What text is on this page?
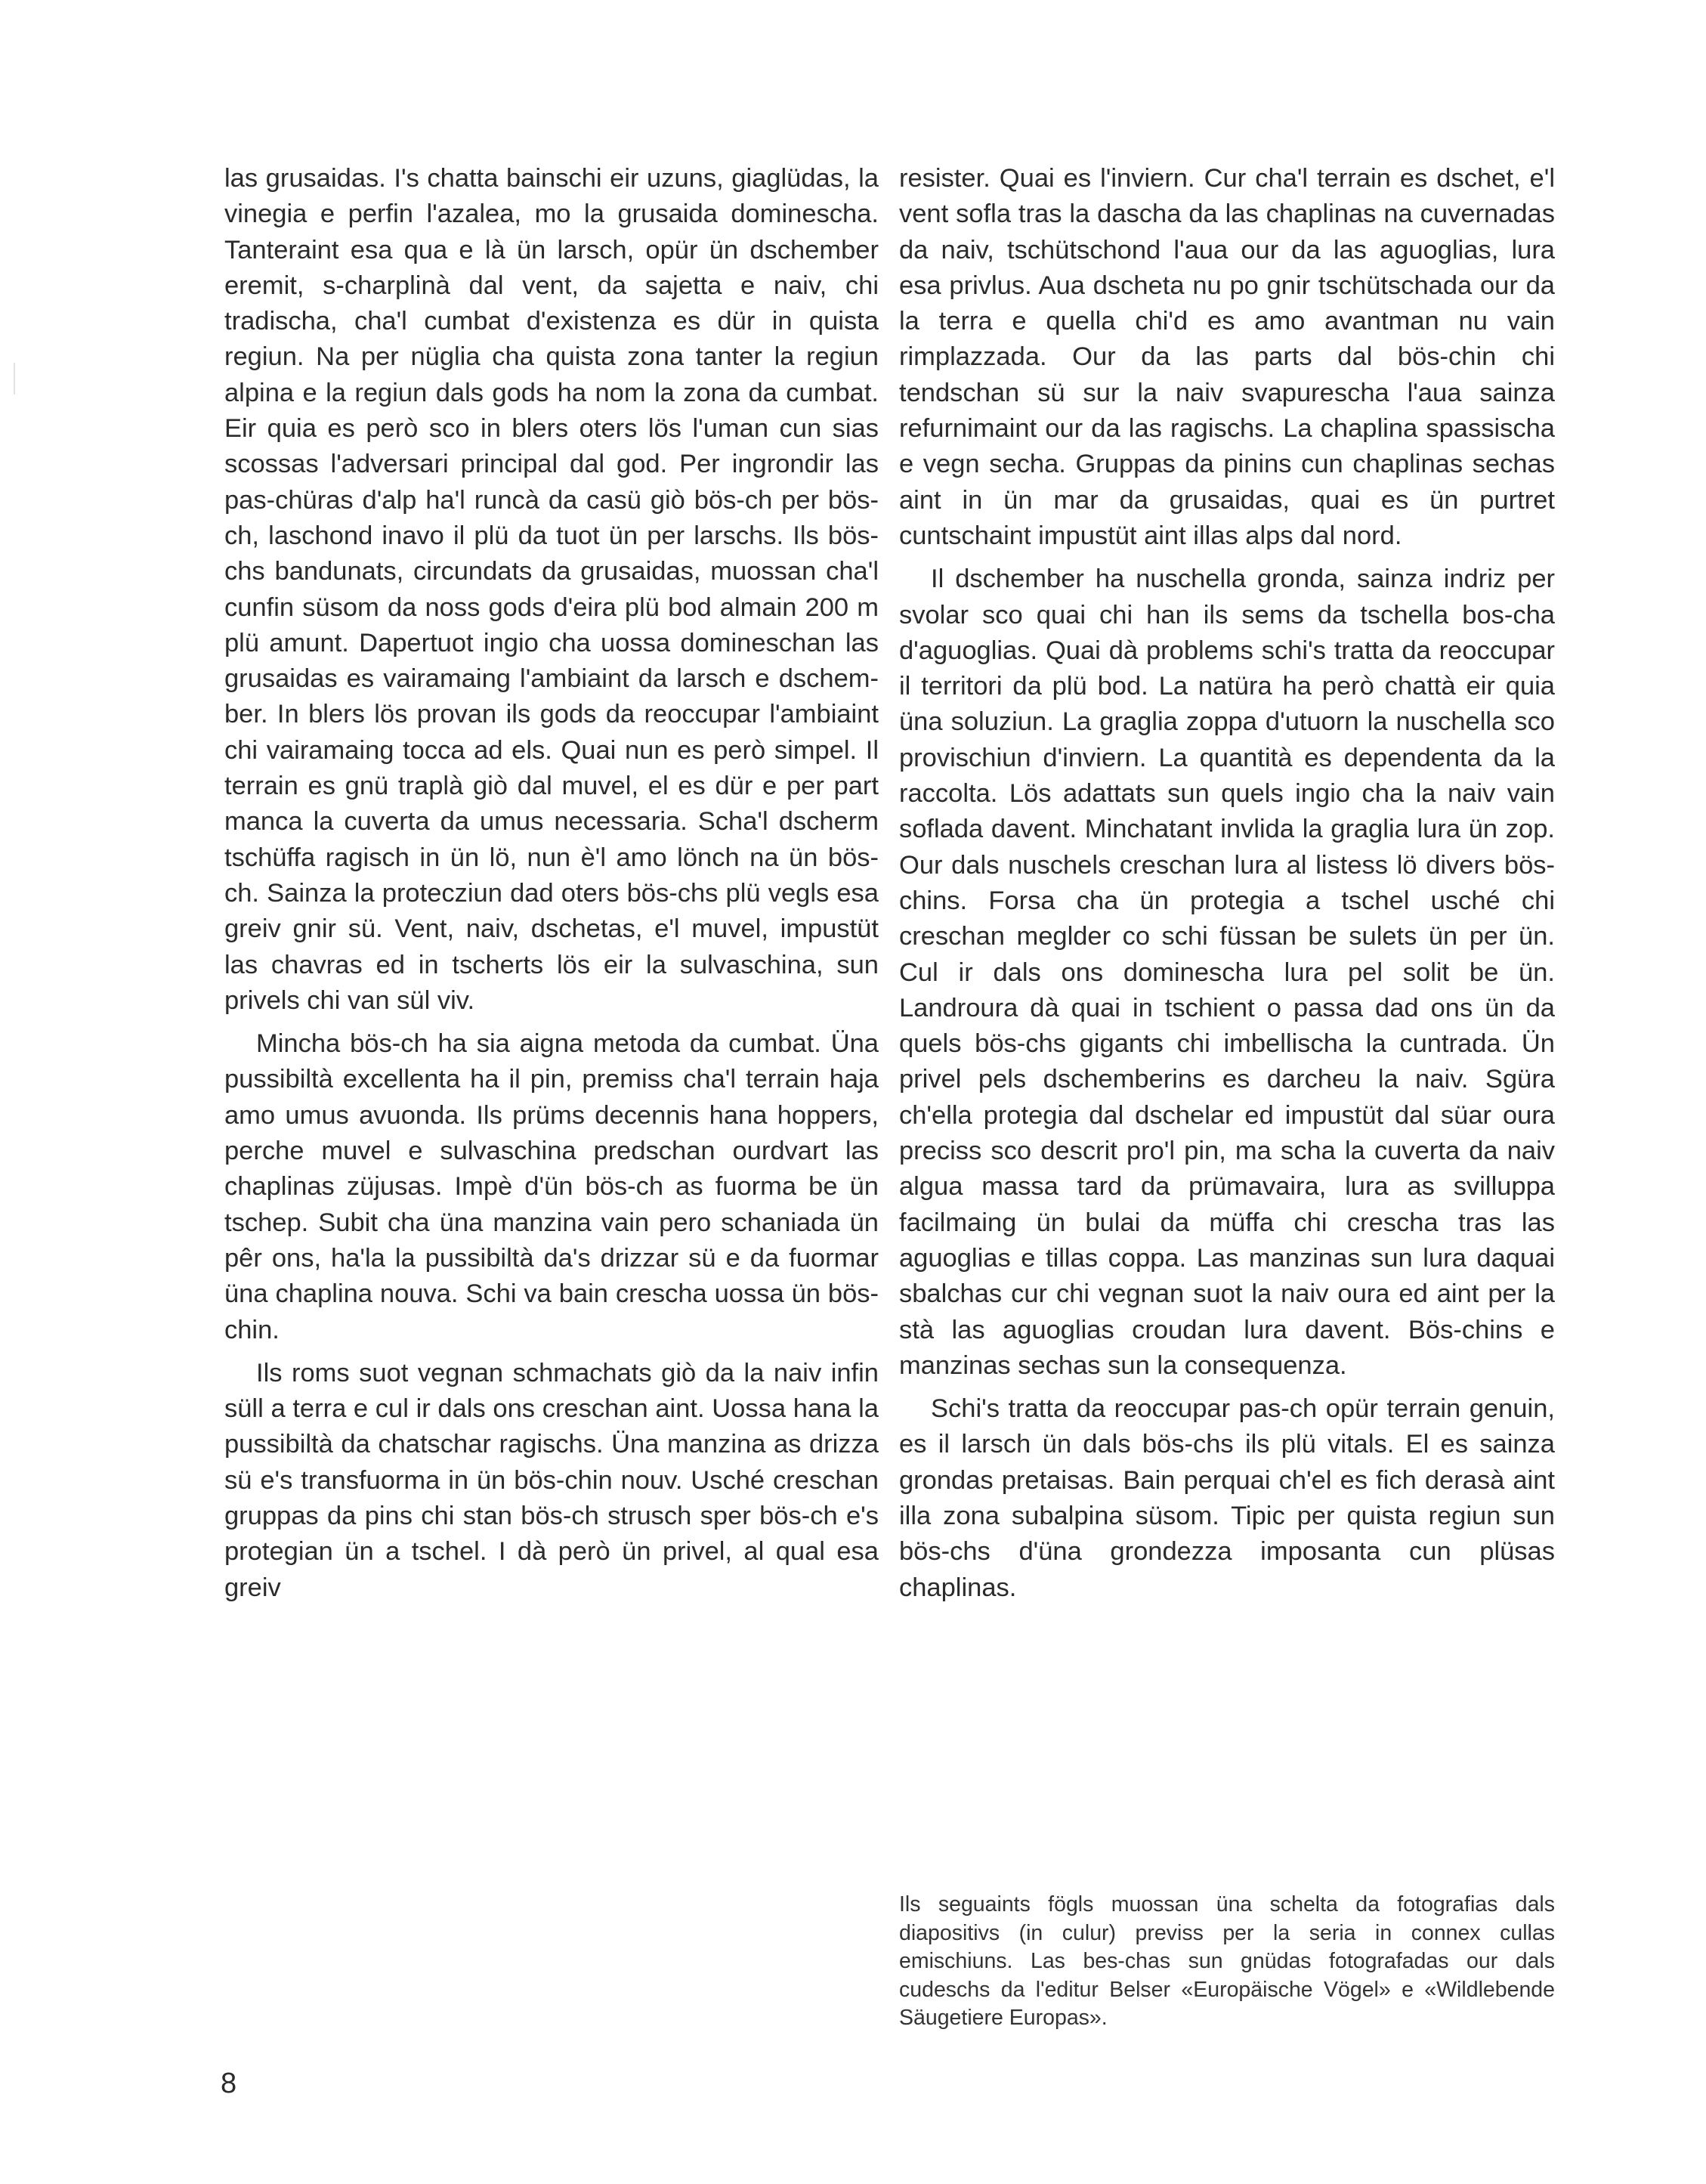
las grusaidas. I's chatta bainschi eir uzuns, giaglüdas, la vinegia e perfin l'azalea, mo la grusaida dominescha. Tanteraint esa qua e là ün larsch, opür ün dschember eremit, s-charplinà dal vent, da sajetta e naiv, chi tradischa, cha'l cumbat d'existenza es dür in quista regiun. Na per nüglia cha quista zona tanter la regiun alpina e la regiun dals gods ha nom la zona da cumbat. Eir quia es però sco in blers oters lös l'uman cun sias scossas l'adversari principal dal god. Per ingrondir las pas-chüras d'alp ha'l runcà da casü giò bös-ch per bös-ch, laschond inavo il plü da tuot ün per larschs. Ils bös-chs bandunats, circundats da grusaidas, muossan cha'l cunfin süsom da noss gods d'eira plü bod almain 200 m plü amunt. Dapertuot ingio cha uossa domineschan las grusaidas es vairamaing l'ambiaint da larsch e dschember. In blers lös provan ils gods da reoccupar l'ambiaint chi vairamaing tocca ad els. Quai nun es però simpel. Il terrain es gnü traplà giò dal muvel, el es dür e per part manca la cuverta da umus necessaria. Scha'l dscherm tschüffa ragisch in ün lö, nun è'l amo lönch na ün bös-ch. Sainza la protecziun dad oters bös-chs plü vegls esa greiv gnir sü. Vent, naiv, dschetas, e'l muvel, impustüt las chavras ed in tscherts lös eir la sulvaschina, sun privels chi van sül viv.

Mincha bös-ch ha sia aigna metoda da cumbat. Üna pussibiltà excellenta ha il pin, premiss cha'l terrain haja amo umus avuonda. Ils prüms decennis hana hoppers, perche muvel e sulvaschina predschan ourdvart las chaplinas züjusas. Impè d'ün bös-ch as fuorma be ün tschep. Subit cha üna manzina vain pero schaniada ün pêr ons, ha'la la pussibiltà da's drizzar sü e da fuormar üna chaplina nouva. Schi va bain crescha uossa ün bös-chin.

Ils roms suot vegnan schmachats giò da la naiv infin süll a terra e cul ir dals ons creschan aint. Uossa hana la pussibiltà da chatschar ragischs. Üna manzina as drizza sü e's transfuorma in ün bös-chin nouv. Usché creschan gruppas da pins chi stan bös-ch strusch sper bös-ch e's protegian ün a tschel. I dà però ün privel, al qual esa greiv

resister. Quai es l'inviern. Cur cha'l terrain es dschet, e'l vent sofla tras la dascha da las chaplinas na cuvernadas da naiv, tschütschond l'aua our da las aguoglias, lura esa privlus. Aua dscheta nu po gnir tschütschada our da la terra e quella chi'd es amo avantman nu vain rimplazzada. Our da las parts dal bös-chin chi tendschan sü sur la naiv svapurescha l'aua sainza refurnimaint our da las ragischs. La chaplina spassischa e vegn secha. Gruppas da pinins cun chaplinas sechas aint in ün mar da grusaidas, quai es ün purtret cuntschaint impustüt aint illas alps dal nord.

Il dschember ha nuschella gronda, sainza indriz per svolar sco quai chi han ils sems da tschella bos-cha d'aguoglias. Quai dà problems schi's tratta da reoccupar il territori da plü bod. La natüra ha però chattà eir quia üna soluziun. La graglia zoppa d'utuorn la nuschella sco provischiun d'inviern. La quantità es dependenta da la raccolta. Lös adattats sun quels ingio cha la naiv vain soflada davent. Minchatant invlida la graglia lura ün zop. Our dals nuschels creschan lura al listess lö divers bös-chins. Forsa cha ün protegia a tschel usché chi creschan meglder co schi füssan be sulets ün per ün. Cul ir dals ons dominescha lura pel solit be ün. Landroura dà quai in tschient o passa dad ons ün da quels bös-chs gigants chi imbellischa la cuntrada. Ün privel pels dschemberins es darcheu la naiv. Sgüra ch'ella protegia dal dschelar ed impustüt dal süar oura preciss sco descrit pro'l pin, ma scha la cuverta da naiv algua massa tard da prümavaira, lura as svilluppa facilmaing ün bulai da müffa chi crescha tras las aguoglias e tillas coppa. Las manzinas sun lura daquai sbalchas cur chi vegnan suot la naiv oura ed aint per la stà las aguoglias croudan lura davent. Bös-chins e manzinas sechas sun la consequenza.

Schi's tratta da reoccupar pas-ch opür terrain genuin, es il larsch ün dals bös-chs ils plü vitals. El es sainza grondas pretaisas. Bain perquai ch'el es fich derasà aint illa zona subalpina süsom. Tipic per quista regiun sun bös-chs d'üna grondezza imposanta cun plüsas chaplinas.

Ils seguaints fögls muossan üna schelta da fotografias dals diapositivs (in culur) previss per la seria in connex cullas emischiuns. Las bes-chas sun gnüdas fotografadas our dals cudeschs da l'editur Belser «Europäische Vögel» e «Wildlebende Säugetiere Europas».
8
